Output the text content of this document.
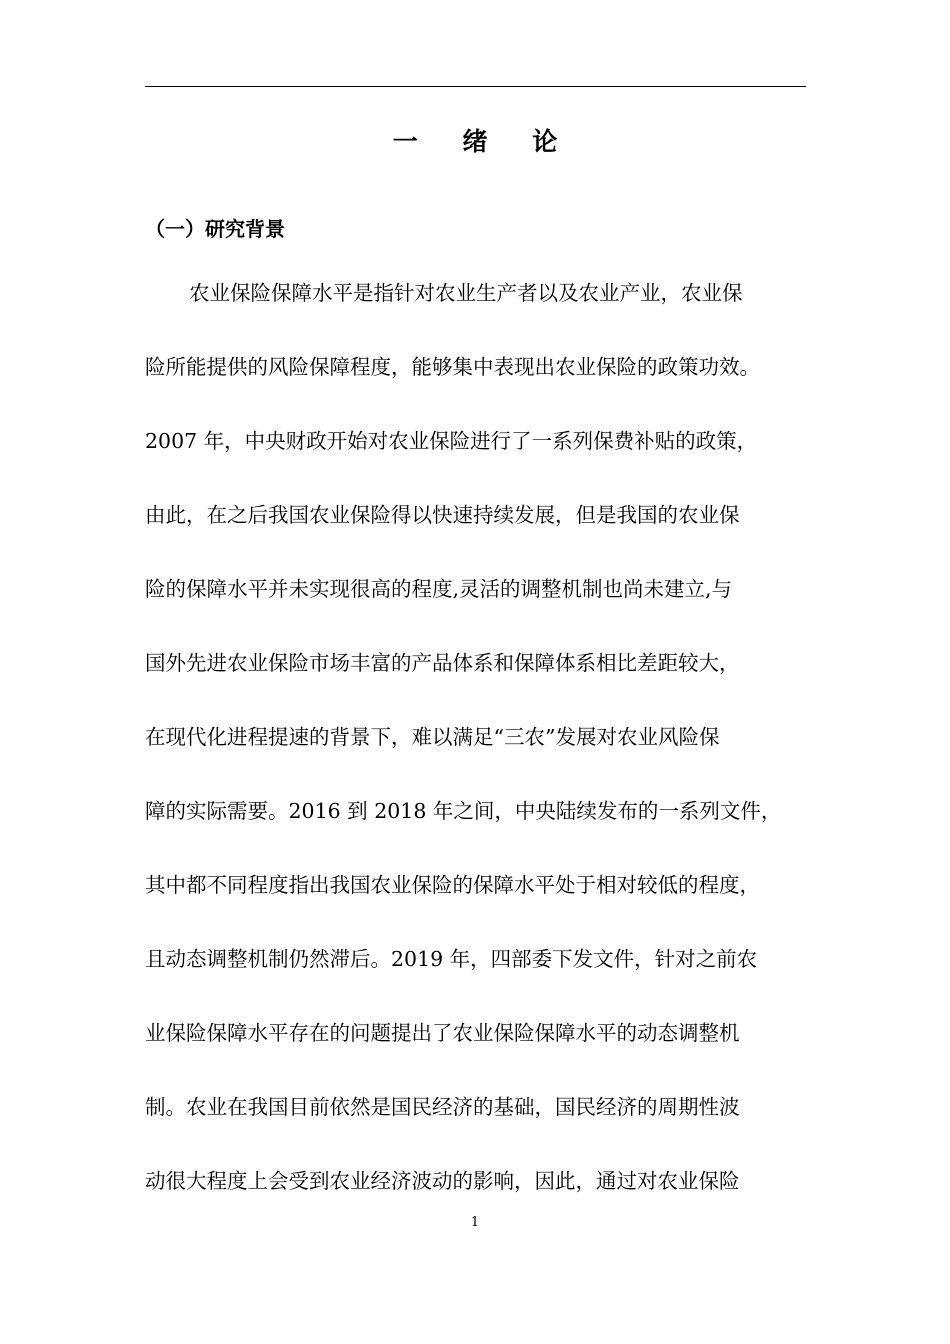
一 绪 论
（一）研究背景
农业保险保障水平是指针对农业生产者以及农业产业，农业保
险所能提供的风险保障程度，能够集中表现出农业保险的政策功效。
2007 年，中央财政开始对农业保险进行了一系列保费补贴的政策，
由此，在之后我国农业保险得以快速持续发展，但是我国的农业保
险的保障水平并未实现很高的程度,灵活的调整机制也尚未建立,与
国外先进农业保险市场丰富的产品体系和保障体系相比差距较大，
在现代化进程提速的背景下，难以满足“三农”发展对农业风险保
障的实际需要。2016 到 2018 年之间，中央陆续发布的一系列文件，
其中都不同程度指出我国农业保险的保障水平处于相对较低的程度，
且动态调整机制仍然滞后。2019 年，四部委下发文件，针对之前农
业保险保障水平存在的问题提出了农业保险保障水平的动态调整机
制。农业在我国目前依然是国民经济的基础，国民经济的周期性波
动很大程度上会受到农业经济波动的影响，因此，通过对农业保险
1
